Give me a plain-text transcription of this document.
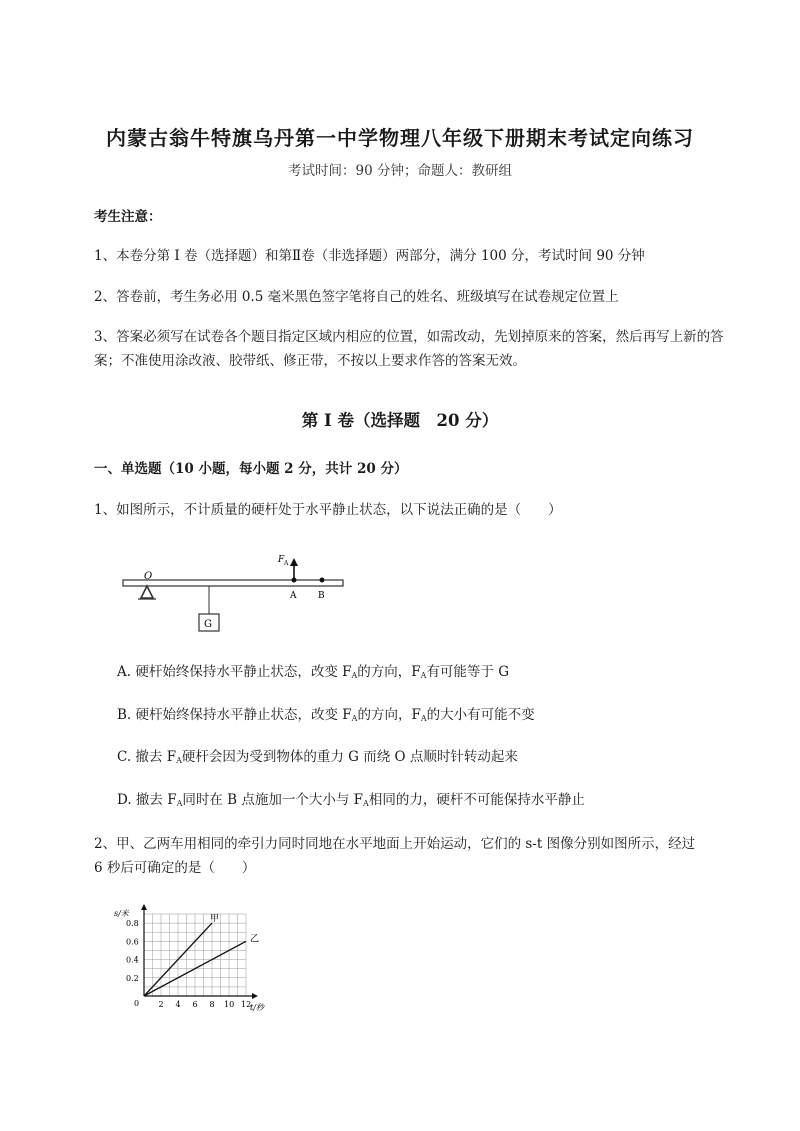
内蒙古翁牛特旗乌丹第一中学物理八年级下册期末考试定向练习
考试时间：90 分钟；命题人：教研组
考生注意：
1、本卷分第 I 卷（选择题）和第Ⅱ卷（非选择题）两部分，满分 100 分，考试时间 90 分钟
2、答卷前，考生务必用 0.5 毫米黑色签字笔将自己的姓名、班级填写在试卷规定位置上
3、答案必须写在试卷各个题目指定区域内相应的位置，如需改动，先划掉原来的答案，然后再写上新的答案；不准使用涂改液、胶带纸、修正带，不按以上要求作答的答案无效。
第 I 卷（选择题　20 分）
一、单选题（10 小题，每小题 2 分，共计 20 分）
1、如图所示，不计质量的硬杆处于水平静止状态，以下说法正确的是（　　）
O
G
F A
A B
A. 硬杆始终保持水平静止状态，改变 $F_A$的方向，$F_A$有可能等于 G
B. 硬杆始终保持水平静止状态，改变 $F_A$的方向，$F_A$的大小有可能不变
C. 撤去 $F_A$硬杆会因为受到物体的重力 G 而绕 O 点顺时针转动起来
D. 撤去 $F_A$同时在 B 点施加一个大小与 $F_A$相同的力，硬杆不可能保持水平静止
2、甲、乙两车用相同的牵引力同时同地在水平地面上开始运动，它们的 s-t 图像分别如图所示，经过
6 秒后可确定的是（　　）
s/米
t/秒
0 2 4 6 8 10 12
0.2
0.4
0.6
0.8	甲
乙
